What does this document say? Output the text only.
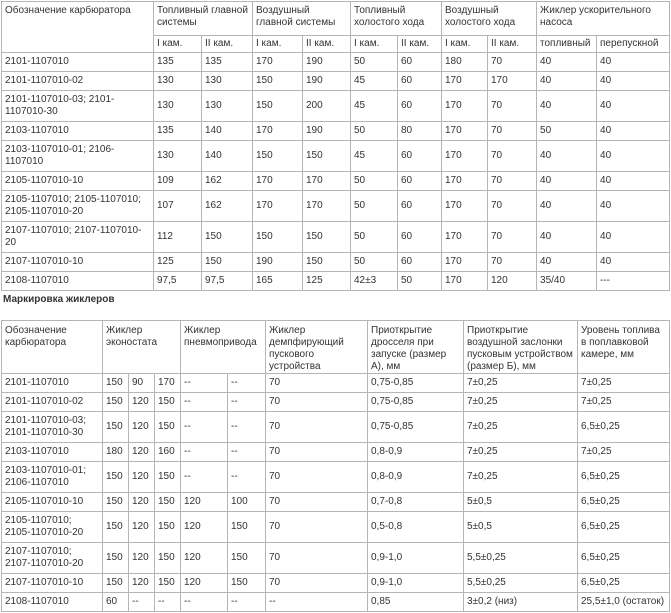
Обозначение карбюратора	Топливный главной системы		Воздушный главной системы		Топливный холостого хода		Воздушный холостого хода		Жиклер ускорительного насоса	
	I кам.	II кам.	I кам.	II кам.	I кам.	II кам.	I кам.	II кам.	топливный	перепускной
2101-1107010	135	135	170	190	50	60	180	70	40	40
2101-1107010-02	130	130	150	190	45	60	170	170	40	40
2101-1107010-03; 2101-1107010-30	130	130	150	200	45	60	170	70	40	40
2103-1107010	135	140	170	190	50	80	170	70	50	40
2103-1107010-01; 2106-1107010	130	140	150	150	45	60	170	70	40	40
2105-1107010-10	109	162	170	170	50	60	170	70	40	40
2105-1107010; 2105-1107010; 2105-1107010-20	107	162	170	170	50	60	170	70	40	40
2107-1107010; 2107-1107010-20	112	150	150	150	50	60	170	70	40	40
2107-1107010-10	125	150	190	150	50	60	170	70	40	40
2108-1107010	97,5	97,5	165	125	42±3	50	170	120	35/40	---
Маркировка жиклеров
Обозначение карбюратора	Жиклер эконостата			Жиклер пневмопривода		Жиклер демпфирующий пускового устройства	Приоткрытие дросселя при запуске (размер А), мм	Приоткрытие воздушной заслонки пусковым устройством (размер Б), мм	Уровень топлива в поплавковой камере, мм
2101-1107010	150	90	170	--	--	70	0,75-0,85	7±0,25	7±0,25
2101-1107010-02	150	120	150	--	--	70	0,75-0,85	7±0,25	7±0,25
2101-1107010-03; 2101-1107010-30	150	120	150	--	--	70	0,75-0,85	7±0,25	6,5±0,25
2103-1107010	180	120	160	--	--	70	0,8-0,9	7±0,25	7±0,25
2103-1107010-01; 2106-1107010	150	120	150	--	--	70	0,8-0,9	7±0,25	6,5±0,25
2105-1107010-10	150	120	150	120	100	70	0,7-0,8	5±0,5	6,5±0,25
2105-1107010; 2105-1107010-20	150	120	150	120	150	70	0,5-0,8	5±0,5	6,5±0,25
2107-1107010; 2107-1107010-20	150	120	150	120	150	70	0,9-1,0	5,5±0,25	6,5±0,25
2107-1107010-10	150	120	150	120	150	70	0,9-1,0	5,5±0,25	6,5±0,25
2108-1107010	60	--	--	--	--	--	0,85	3±0,2 (низ)	25,5±1,0 (остаток)
